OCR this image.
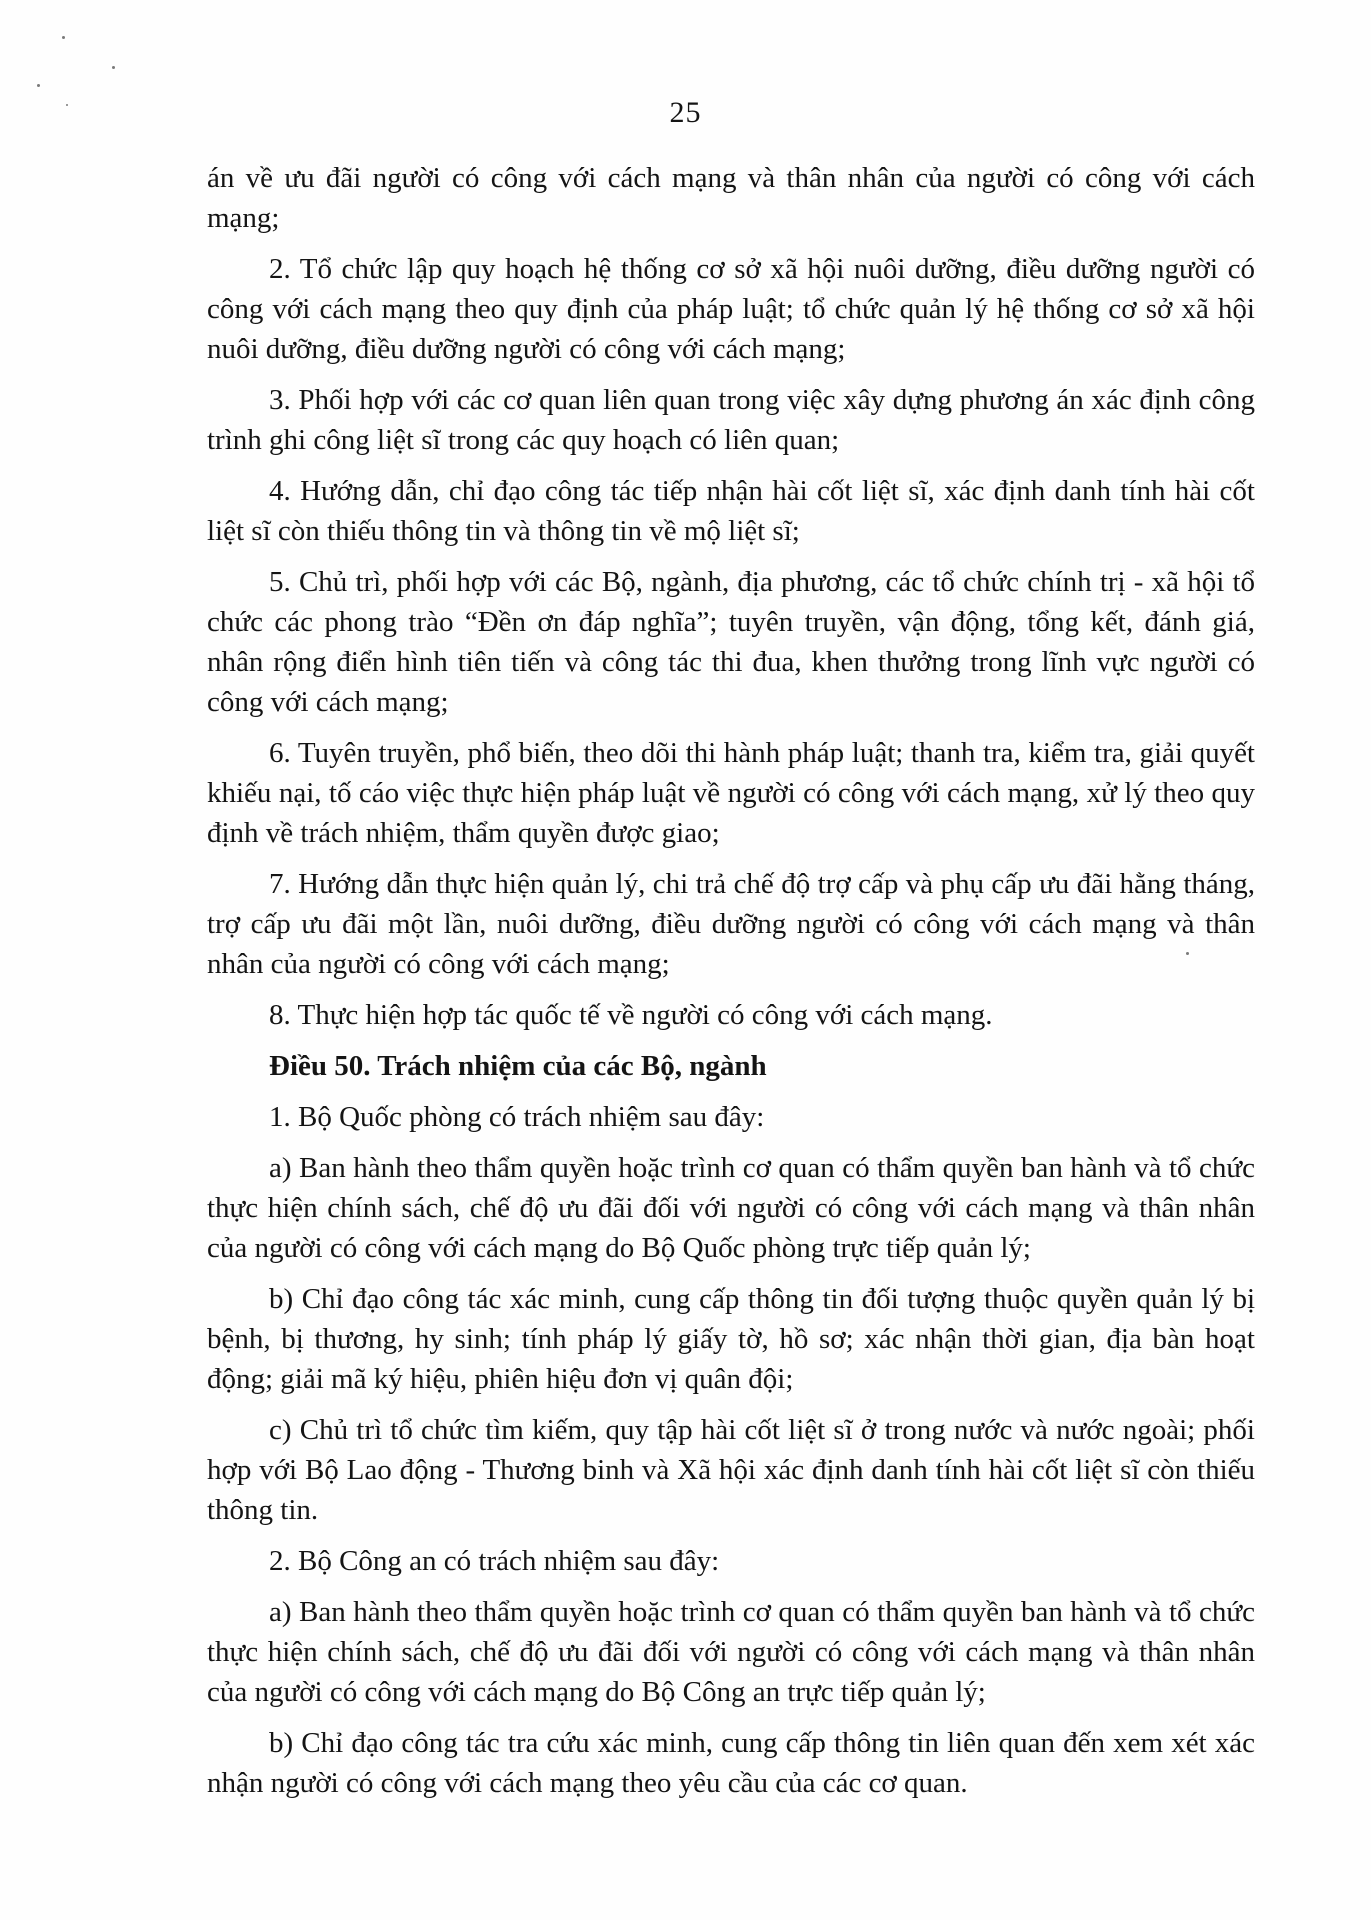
25

án về ưu đãi người có công với cách mạng và thân nhân của người có công với cách mạng;

2. Tổ chức lập quy hoạch hệ thống cơ sở xã hội nuôi dưỡng, điều dưỡng người có công với cách mạng theo quy định của pháp luật; tổ chức quản lý hệ thống cơ sở xã hội nuôi dưỡng, điều dưỡng người có công với cách mạng;

3. Phối hợp với các cơ quan liên quan trong việc xây dựng phương án xác định công trình ghi công liệt sĩ trong các quy hoạch có liên quan;

4. Hướng dẫn, chỉ đạo công tác tiếp nhận hài cốt liệt sĩ, xác định danh tính hài cốt liệt sĩ còn thiếu thông tin và thông tin về mộ liệt sĩ;

5. Chủ trì, phối hợp với các Bộ, ngành, địa phương, các tổ chức chính trị - xã hội tổ chức các phong trào “Đền ơn đáp nghĩa”; tuyên truyền, vận động, tổng kết, đánh giá, nhân rộng điển hình tiên tiến và công tác thi đua, khen thưởng trong lĩnh vực người có công với cách mạng;

6. Tuyên truyền, phổ biến, theo dõi thi hành pháp luật; thanh tra, kiểm tra, giải quyết khiếu nại, tố cáo việc thực hiện pháp luật về người có công với cách mạng, xử lý theo quy định về trách nhiệm, thẩm quyền được giao;

7. Hướng dẫn thực hiện quản lý, chi trả chế độ trợ cấp và phụ cấp ưu đãi hằng tháng, trợ cấp ưu đãi một lần, nuôi dưỡng, điều dưỡng người có công với cách mạng và thân nhân của người có công với cách mạng;

8. Thực hiện hợp tác quốc tế về người có công với cách mạng.

Điều 50. Trách nhiệm của các Bộ, ngành

1. Bộ Quốc phòng có trách nhiệm sau đây:

a) Ban hành theo thẩm quyền hoặc trình cơ quan có thẩm quyền ban hành và tổ chức thực hiện chính sách, chế độ ưu đãi đối với người có công với cách mạng và thân nhân của người có công với cách mạng do Bộ Quốc phòng trực tiếp quản lý;

b) Chỉ đạo công tác xác minh, cung cấp thông tin đối tượng thuộc quyền quản lý bị bệnh, bị thương, hy sinh; tính pháp lý giấy tờ, hồ sơ; xác nhận thời gian, địa bàn hoạt động; giải mã ký hiệu, phiên hiệu đơn vị quân đội;

c) Chủ trì tổ chức tìm kiếm, quy tập hài cốt liệt sĩ ở trong nước và nước ngoài; phối hợp với Bộ Lao động - Thương binh và Xã hội xác định danh tính hài cốt liệt sĩ còn thiếu thông tin.

2. Bộ Công an có trách nhiệm sau đây:

a) Ban hành theo thẩm quyền hoặc trình cơ quan có thẩm quyền ban hành và tổ chức thực hiện chính sách, chế độ ưu đãi đối với người có công với cách mạng và thân nhân của người có công với cách mạng do Bộ Công an trực tiếp quản lý;

b) Chỉ đạo công tác tra cứu xác minh, cung cấp thông tin liên quan đến xem xét xác nhận người có công với cách mạng theo yêu cầu của các cơ quan.
